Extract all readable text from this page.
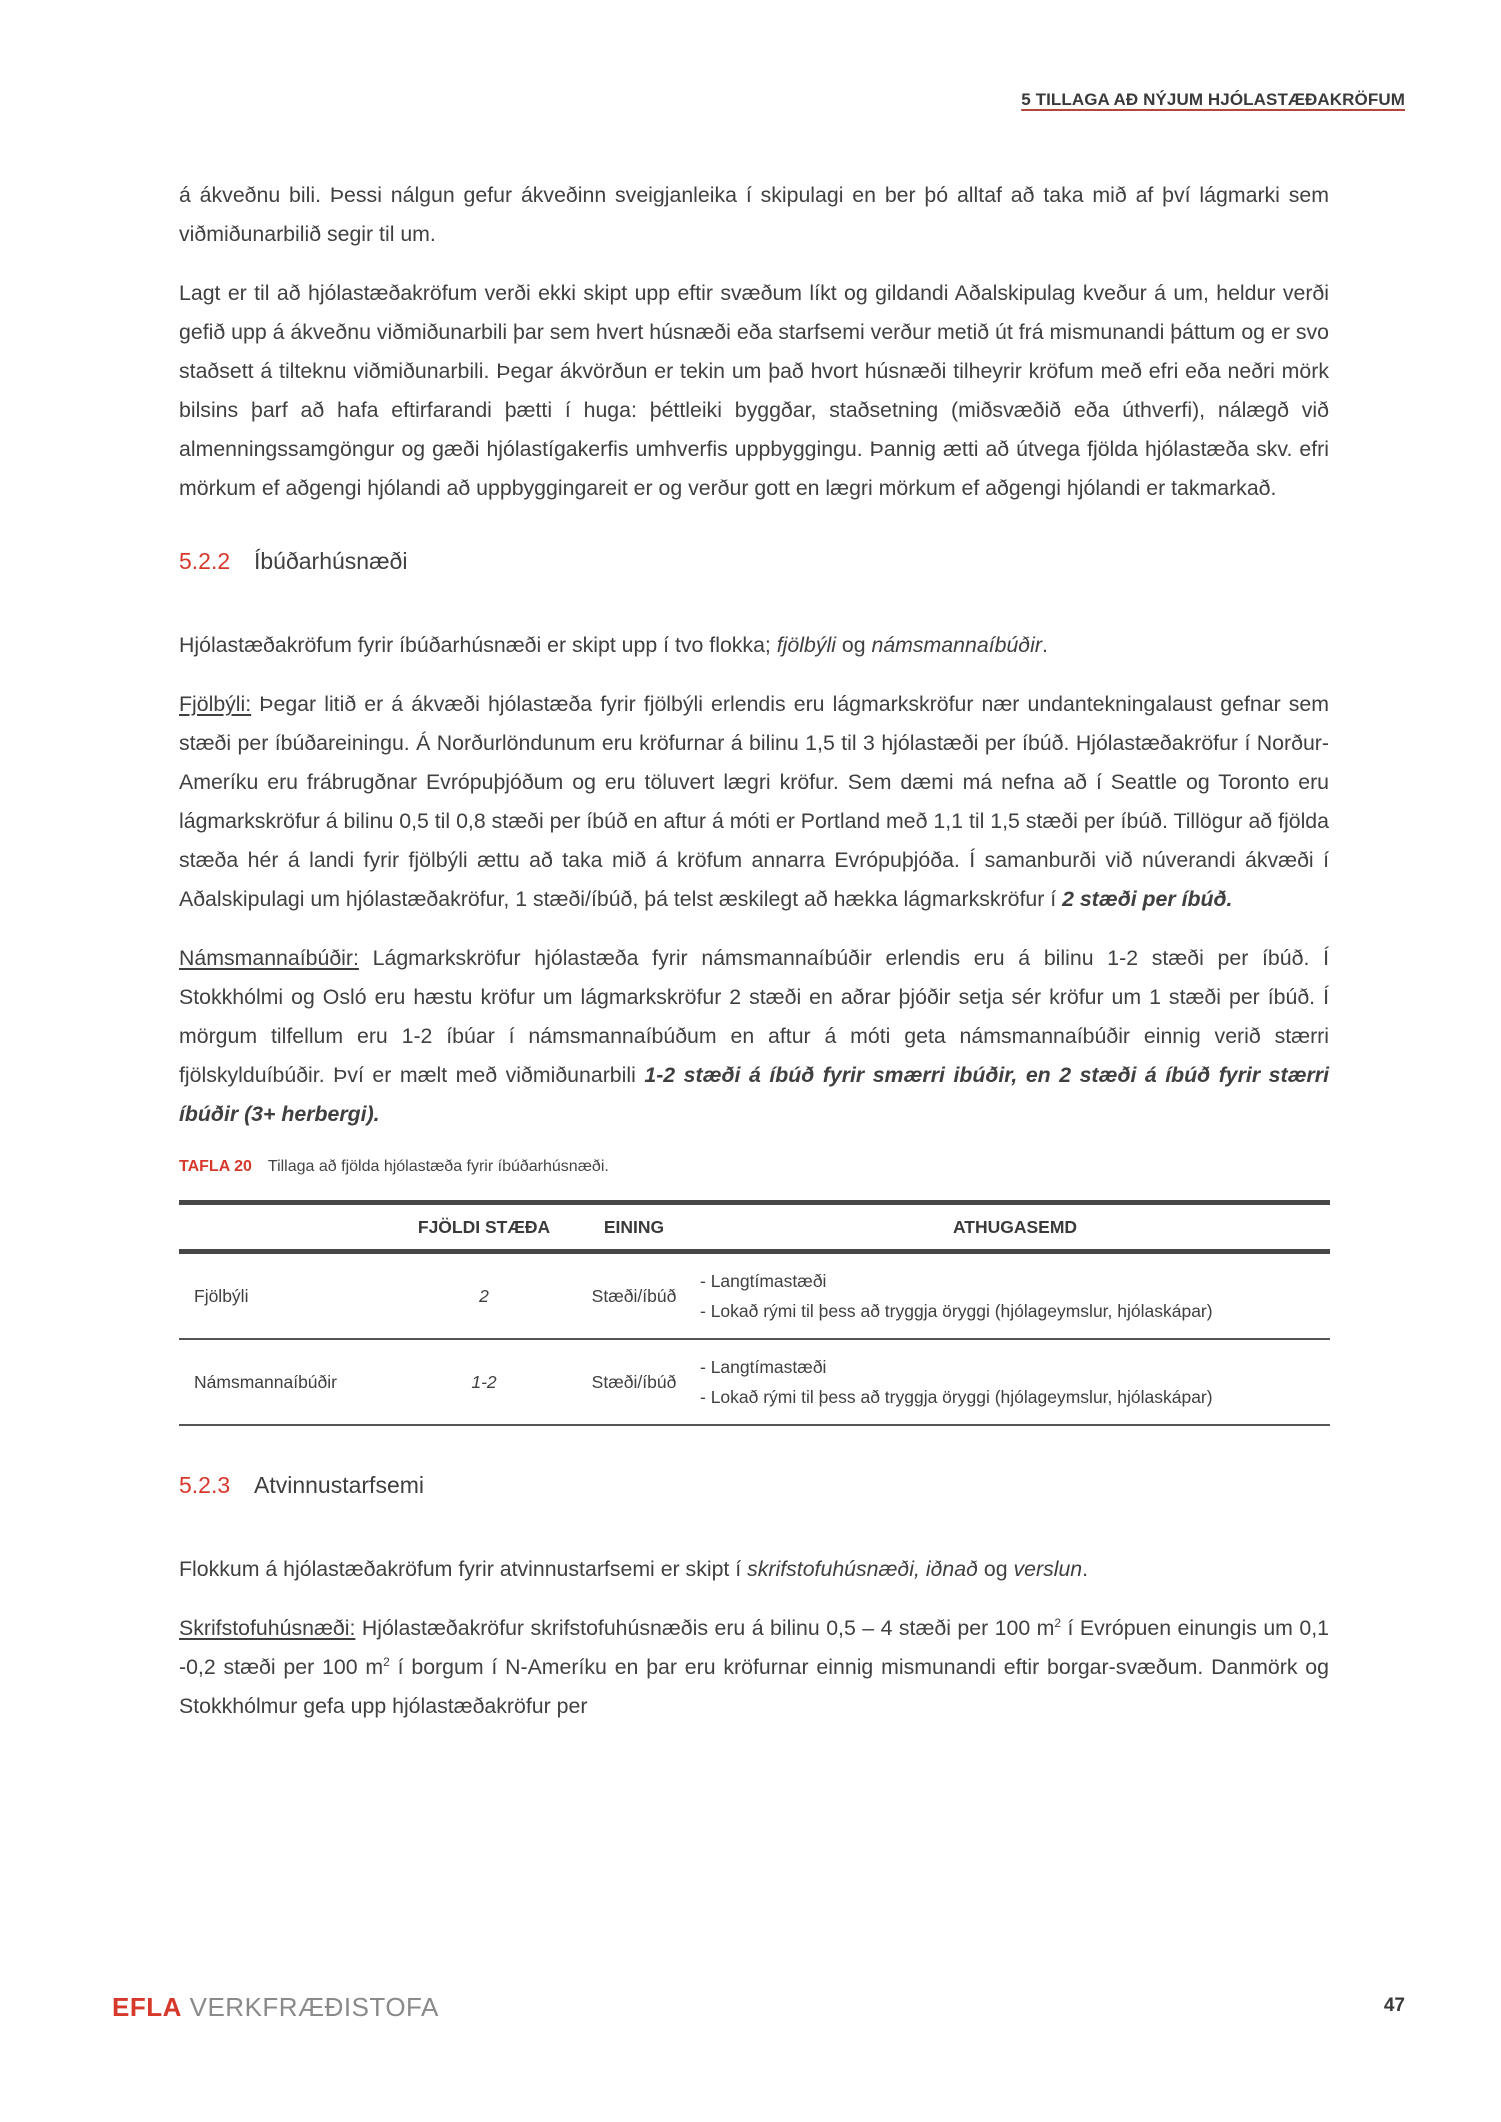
5 TILLAGA AÐ NÝJUM HJÓLASTÆÐAKRÖFUM

á ákveðnu bili. Þessi nálgun gefur ákveðinn sveigjanleika í skipulagi en ber þó alltaf að taka mið af því lágmarki sem viðmiðunarbilið segir til um.

Lagt er til að hjólastæðakröfum verði ekki skipt upp eftir svæðum líkt og gildandi Aðalskipulag kveður á um, heldur verði gefið upp á ákveðnu viðmiðunarbili þar sem hvert húsnæði eða starfsemi verður metið út frá mismunandi þáttum og er svo staðsett á tilteknu viðmiðunarbili. Þegar ákvörðun er tekin um það hvort húsnæði tilheyrir kröfum með efri eða neðri mörk bilsins þarf að hafa eftirfarandi þætti í huga: þéttleiki byggðar, staðsetning (miðsvæðið eða úthverfi), nálægð við almenningssamgöngur og gæði hjólastígakerfis umhverfis uppbyggingu. Þannig ætti að útvega fjölda hjólastæða skv. efri mörkum ef aðgengi hjólandi að uppbyggingareit er og verður gott en lægri mörkum ef aðgengi hjólandi er takmarkað.

5.2.2 Íbúðarhúsnæði

Hjólastæðakröfum fyrir íbúðarhúsnæði er skipt upp í tvo flokka; fjölbýli og námsmannaíbúðir.

Fjölbýli: Þegar litið er á ákvæði hjólastæða fyrir fjölbýli erlendis eru lágmarkskröfur nær undantekningalaust gefnar sem stæði per íbúðareiningu. Á Norðurlöndunum eru kröfurnar á bilinu 1,5 til 3 hjólastæði per íbúð. Hjólastæðakröfur í Norður-Ameríku eru frábrugðnar Evrópuþjóðum og eru töluvert lægri kröfur. Sem dæmi má nefna að í Seattle og Toronto eru lágmarkskröfur á bilinu 0,5 til 0,8 stæði per íbúð en aftur á móti er Portland með 1,1 til 1,5 stæði per íbúð. Tillögur að fjölda stæða hér á landi fyrir fjölbýli ættu að taka mið á kröfum annarra Evrópuþjóða. Í samanburði við núverandi ákvæði í Aðalskipulagi um hjólastæðakröfur, 1 stæði/íbúð, þá telst æskilegt að hækka lágmarkskröfur í 2 stæði per íbúð.

Námsmannaíbúðir: Lágmarkskröfur hjólastæða fyrir námsmannaíbúðir erlendis eru á bilinu 1-2 stæði per íbúð. Í Stokkhólmi og Osló eru hæstu kröfur um lágmarkskröfur 2 stæði en aðrar þjóðir setja sér kröfur um 1 stæði per íbúð. Í mörgum tilfellum eru 1-2 íbúar í námsmannaíbúðum en aftur á móti geta námsmannaíbúðir einnig verið stærri fjölskylduíbúðir. Því er mælt með viðmiðunarbili 1-2 stæði á íbúð fyrir smærri ibúðir, en 2 stæði á íbúð fyrir stærri íbúðir (3+ herbergi).

TAFLA 20 Tillaga að fjölda hjólastæða fyrir íbúðarhúsnæði.
	FJÖLDI STÆÐA	EINING	ATHUGASEMD
Fjölbýli	2	Stæði/íbúð	- Langtímastæði
- Lokað rými til þess að tryggja öryggi (hjólageymslur, hjólaskápar)

Námsmannaíbúðir	1-2	Stæði/íbúð	- Langtímastæði
- Lokað rými til þess að tryggja öryggi (hjólageymslur, hjólaskápar)
5.2.3 Atvinnustarfsemi

Flokkum á hjólastæðakröfum fyrir atvinnustarfsemi er skipt í skrifstofuhúsnæði, iðnað og verslun.

Skrifstofuhúsnæði: Hjólastæðakröfur skrifstofuhúsnæðis eru á bilinu 0,5 – 4 stæði per 100 $m^2$ í Evrópuen einungis um 0,1 -0,2 stæði per 100 $m^2$ í borgum í N-Ameríku en þar eru kröfurnar einnig mismunandi eftir borgar-svæðum. Danmörk og Stokkhólmur gefa upp hjólastæðakröfur per

EFLA VERKFRÆÐISTOFA	47
